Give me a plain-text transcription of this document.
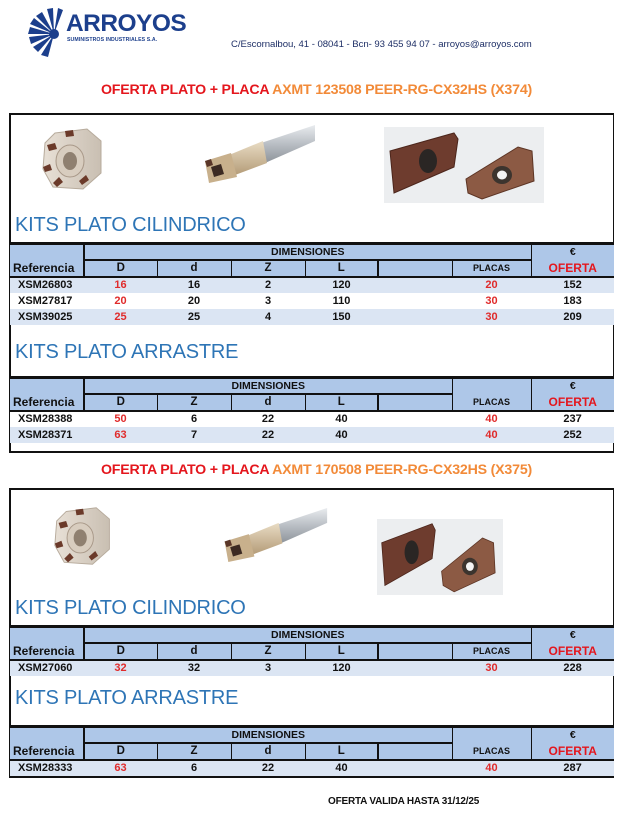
ARROYOS
SUMINISTROS INDUSTRIALES S.A.	C/Escornalbou, 41 - 08041 - Bcn- 93 455 94 07 - arroyos@arroyos.com
OFERTA PLATO + PLACA AXMT 123508 PEER-RG-CX32HS (X374)
KITS PLATO CILINDRICO
	DIMENSIONES						€
Referencia	D	d	Z	L		PLACAS	OFERTA
XSM26803	16	16	2	120		20	152
XSM27817	20	20	3	110		30	183
XSM39025	25	25	4	150		30	209
KITS PLATO ARRASTRE
	DIMENSIONES						€
Referencia	D	Z	d	L		PLACAS	OFERTA
XSM28388	50	6	22	40		40	237
XSM28371	63	7	22	40		40	252
OFERTA PLATO + PLACA AXMT 170508 PEER-RG-CX32HS (X375)
KITS PLATO CILINDRICO
	DIMENSIONES						€
Referencia	D	d	Z	L		PLACAS	OFERTA
XSM27060	32	32	3	120		30	228
KITS PLATO ARRASTRE
	DIMENSIONES						€
Referencia	D	Z	d	L		PLACAS	OFERTA
XSM28333	63	6	22	40		40	287
OFERTA VALIDA HASTA 31/12/25
